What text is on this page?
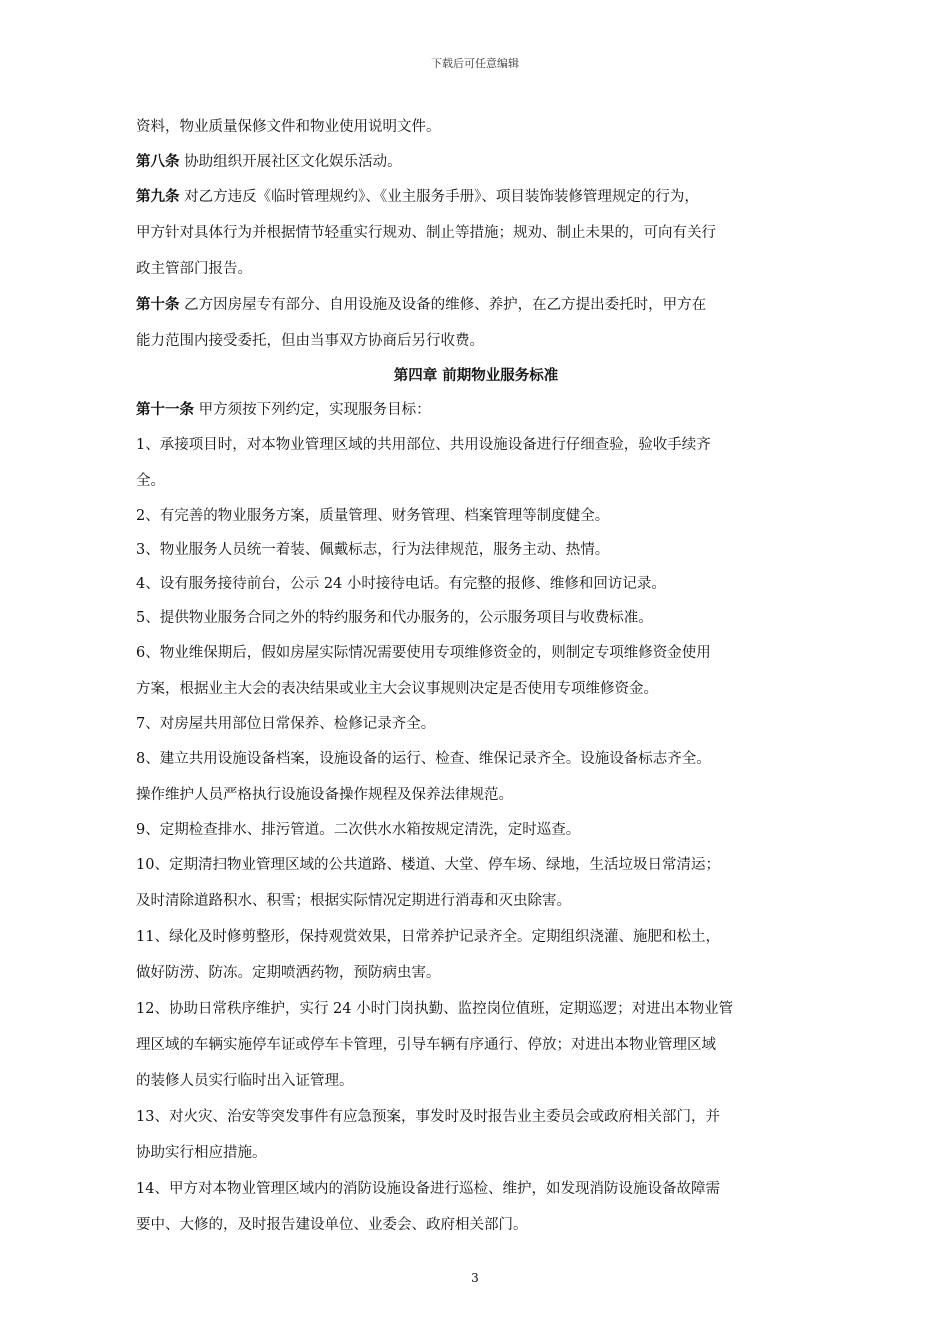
下载后可任意编辑
资料，物业质量保修文件和物业使用说明文件。
第八条 协助组织开展社区文化娱乐活动。
第九条 对乙方违反《临时管理规约》、《业主服务手册》、项目装饰装修管理规定的行为，
甲方针对具体行为并根据情节轻重实行规劝、制止等措施；规劝、制止未果的，可向有关行
政主管部门报告。
第十条 乙方因房屋专有部分、自用设施及设备的维修、养护，在乙方提出委托时，甲方在
能力范围内接受委托，但由当事双方协商后另行收费。
第四章 前期物业服务标准
第十一条 甲方须按下列约定，实现服务目标：
1、承接项目时，对本物业管理区域的共用部位、共用设施设备进行仔细查验，验收手续齐
全。
2、有完善的物业服务方案，质量管理、财务管理、档案管理等制度健全。
3、物业服务人员统一着装、佩戴标志，行为法律规范，服务主动、热情。
4、设有服务接待前台，公示 24 小时接待电话。有完整的报修、维修和回访记录。
5、提供物业服务合同之外的特约服务和代办服务的，公示服务项目与收费标准。
6、物业维保期后，假如房屋实际情况需要使用专项维修资金的，则制定专项维修资金使用
方案，根据业主大会的表决结果或业主大会议事规则决定是否使用专项维修资金。
7、对房屋共用部位日常保养、检修记录齐全。
8、建立共用设施设备档案，设施设备的运行、检查、维保记录齐全。设施设备标志齐全。
操作维护人员严格执行设施设备操作规程及保养法律规范。
9、定期检查排水、排污管道。二次供水水箱按规定清洗，定时巡查。
10、定期清扫物业管理区域的公共道路、楼道、大堂、停车场、绿地，生活垃圾日常清运；
及时清除道路积水、积雪；根据实际情况定期进行消毒和灭虫除害。
11、绿化及时修剪整形，保持观赏效果，日常养护记录齐全。定期组织浇灌、施肥和松土，
做好防涝、防冻。定期喷洒药物，预防病虫害。
12、协助日常秩序维护，实行 24 小时门岗执勤、监控岗位值班，定期巡逻；对进出本物业管
理区域的车辆实施停车证或停车卡管理，引导车辆有序通行、停放；对进出本物业管理区域
的装修人员实行临时出入证管理。
13、对火灾、治安等突发事件有应急预案，事发时及时报告业主委员会或政府相关部门，并
协助实行相应措施。
14、甲方对本物业管理区域内的消防设施设备进行巡检、维护，如发现消防设施设备故障需
要中、大修的，及时报告建设单位、业委会、政府相关部门。
3
